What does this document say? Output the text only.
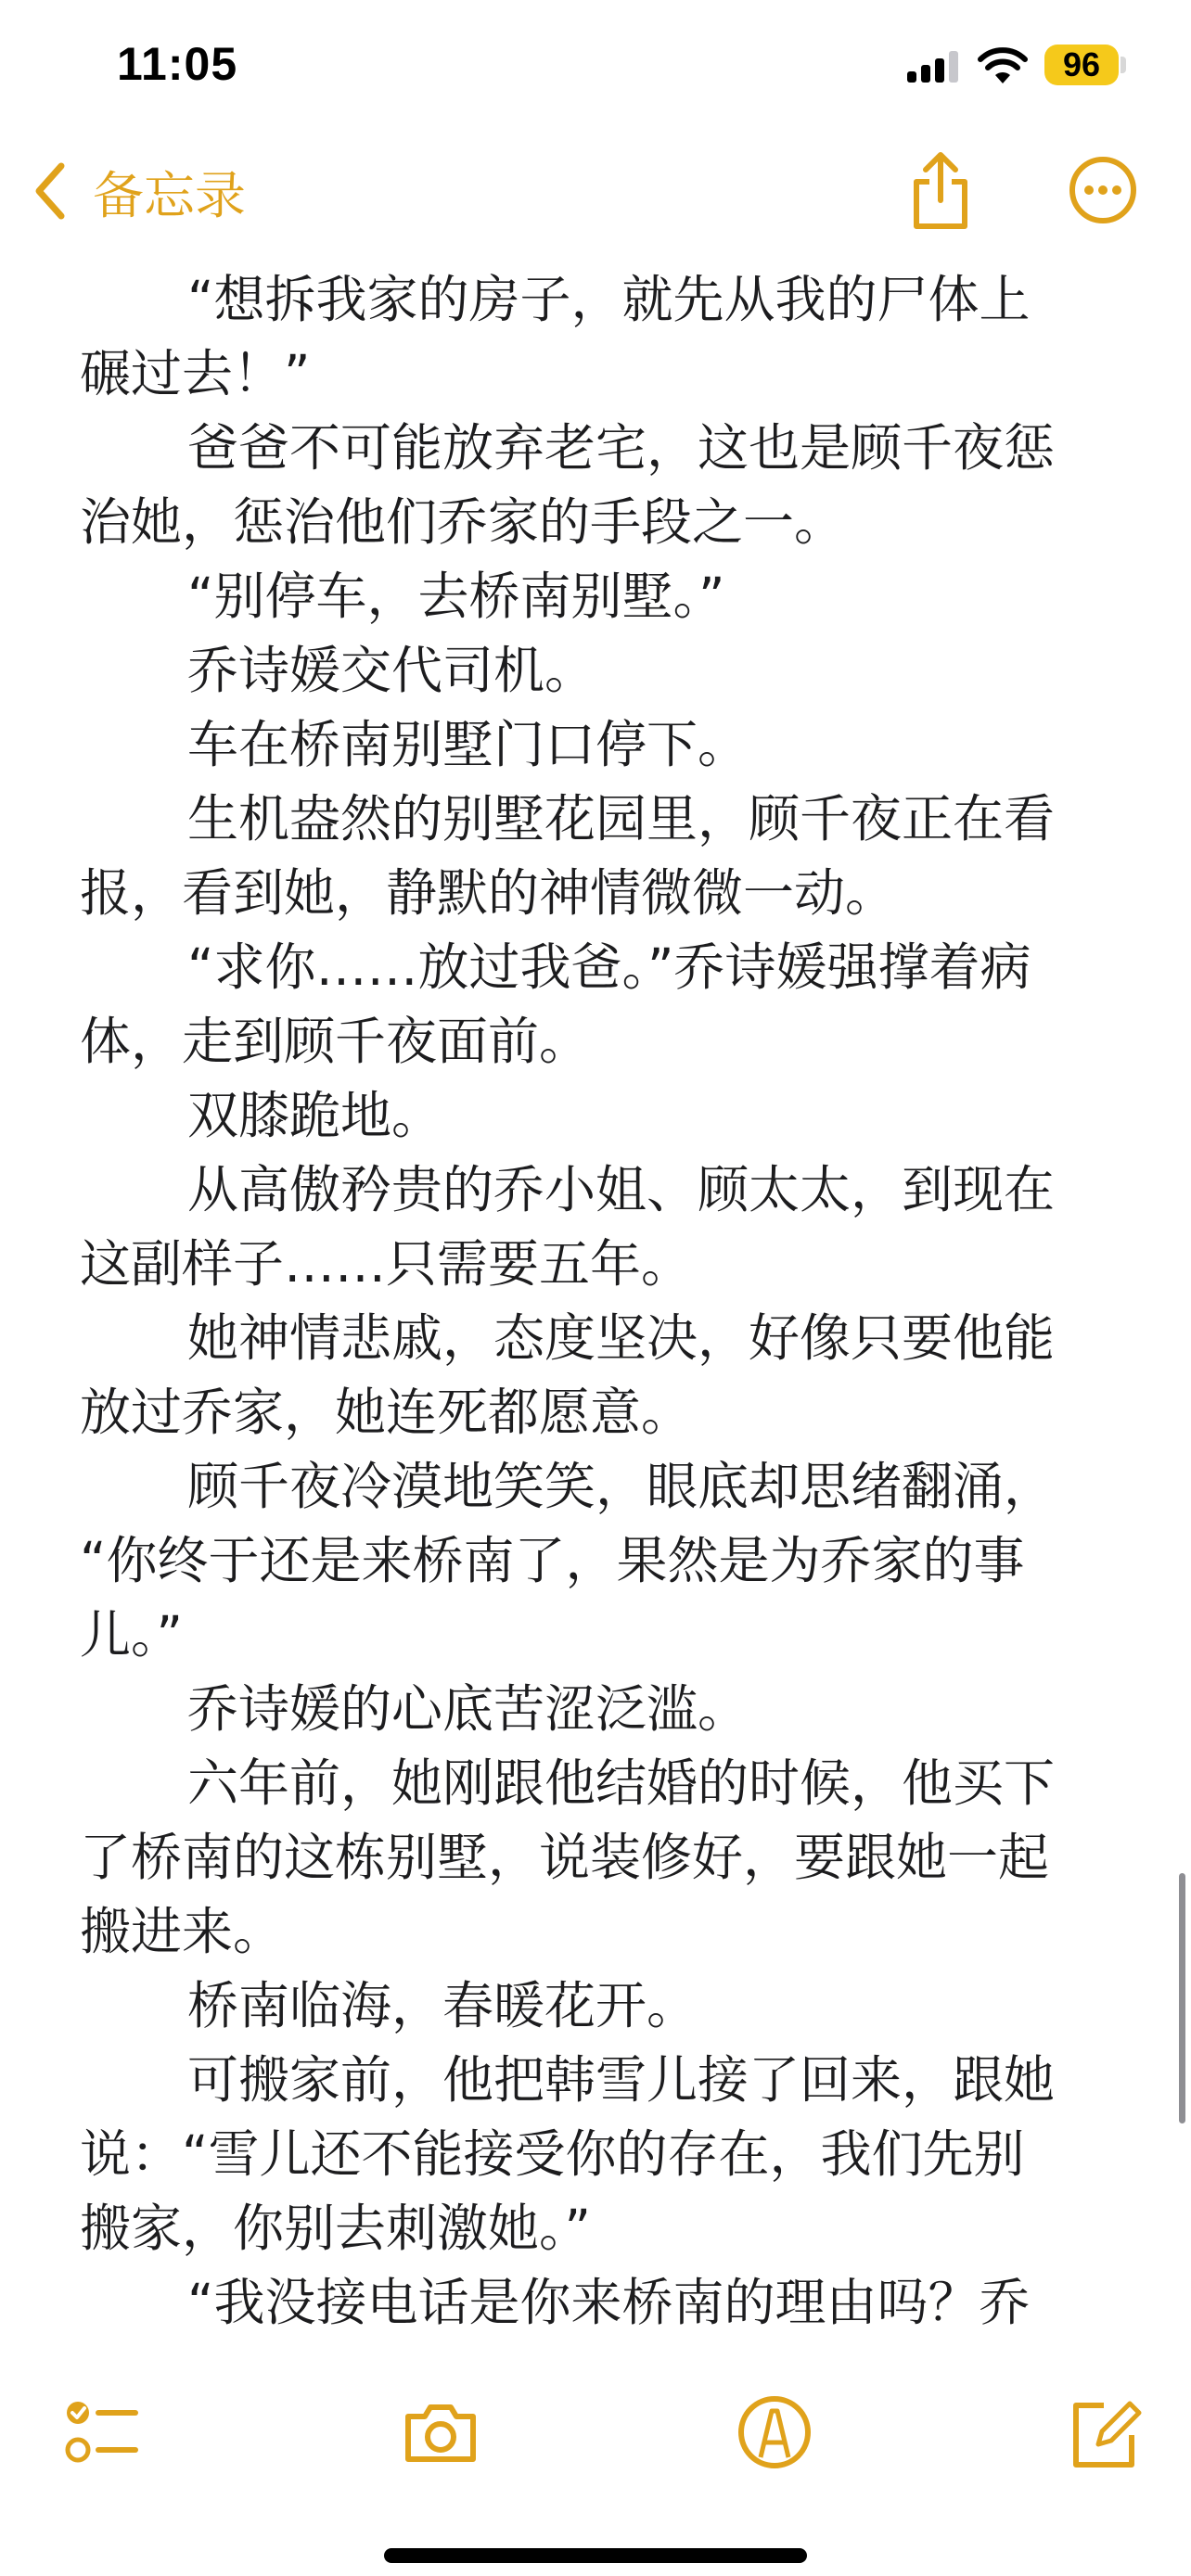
11:05	96
备忘录
“想拆我家的房子，就先从我的尸体上
碾过去！”
爸爸不可能放弃老宅，这也是顾千夜惩
治她，惩治他们乔家的手段之一。
“别停车，去桥南别墅。”
乔诗媛交代司机。
车在桥南别墅门口停下。
生机盎然的别墅花园里，顾千夜正在看
报，看到她，静默的神情微微一动。
“求你……放过我爸。”乔诗媛强撑着病
体，走到顾千夜面前。
双膝跪地。
从高傲矜贵的乔小姐、顾太太，到现在
这副样子……只需要五年。
她神情悲戚，态度坚决，好像只要他能
放过乔家，她连死都愿意。
顾千夜冷漠地笑笑，眼底却思绪翻涌，
“你终于还是来桥南了，果然是为乔家的事
儿。”
乔诗媛的心底苦涩泛滥。
六年前，她刚跟他结婚的时候，他买下
了桥南的这栋别墅，说装修好，要跟她一起
搬进来。
桥南临海，春暖花开。
可搬家前，他把韩雪儿接了回来，跟她
说：“雪儿还不能接受你的存在，我们先别
搬家，你别去刺激她。”
“我没接电话是你来桥南的理由吗？乔
